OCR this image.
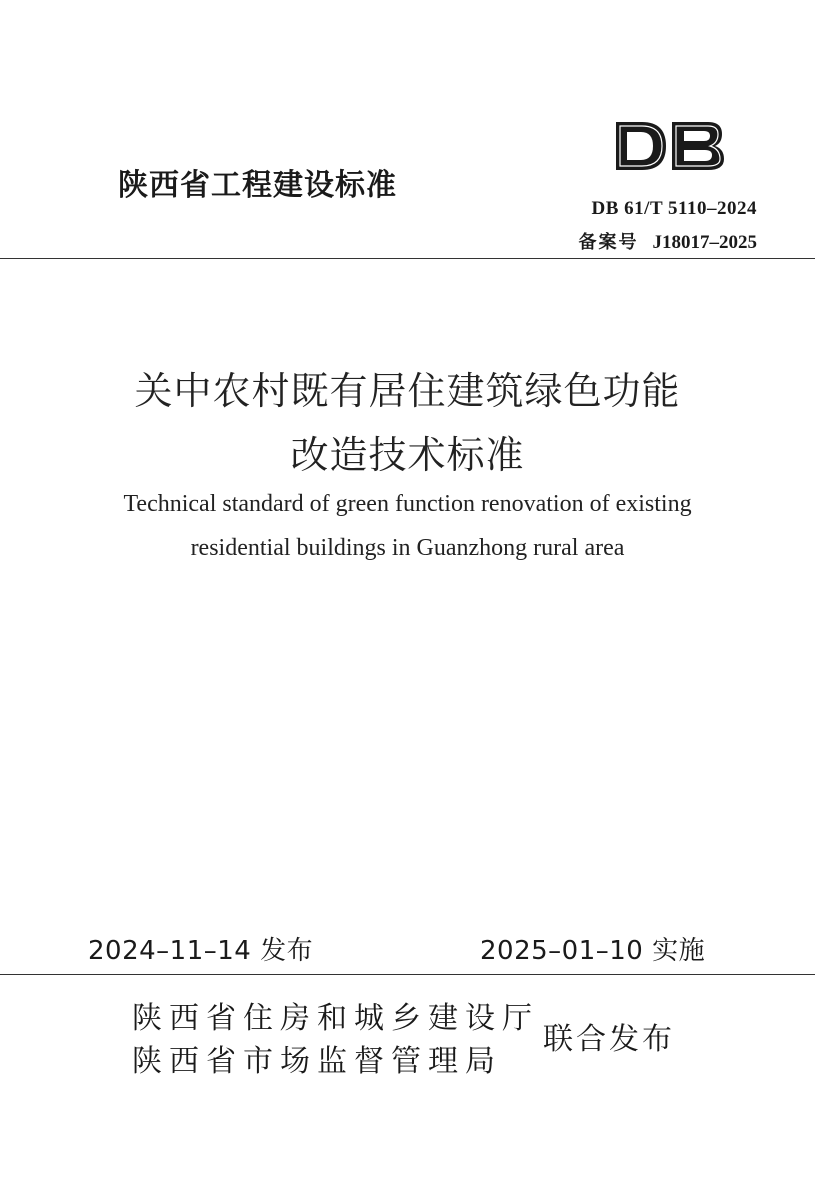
陕西省工程建设标准
DB 61/T 5110–2024
备案号 J18017–2025
关中农村既有居住建筑绿色功能
改造技术标准
Technical standard of green function renovation of existing
residential buildings in Guanzhong rural area
2024–11–14 发布	2025–01–10 实施
陕西省住房和城乡建设厅
陕西省市场监督管理局
联合发布
